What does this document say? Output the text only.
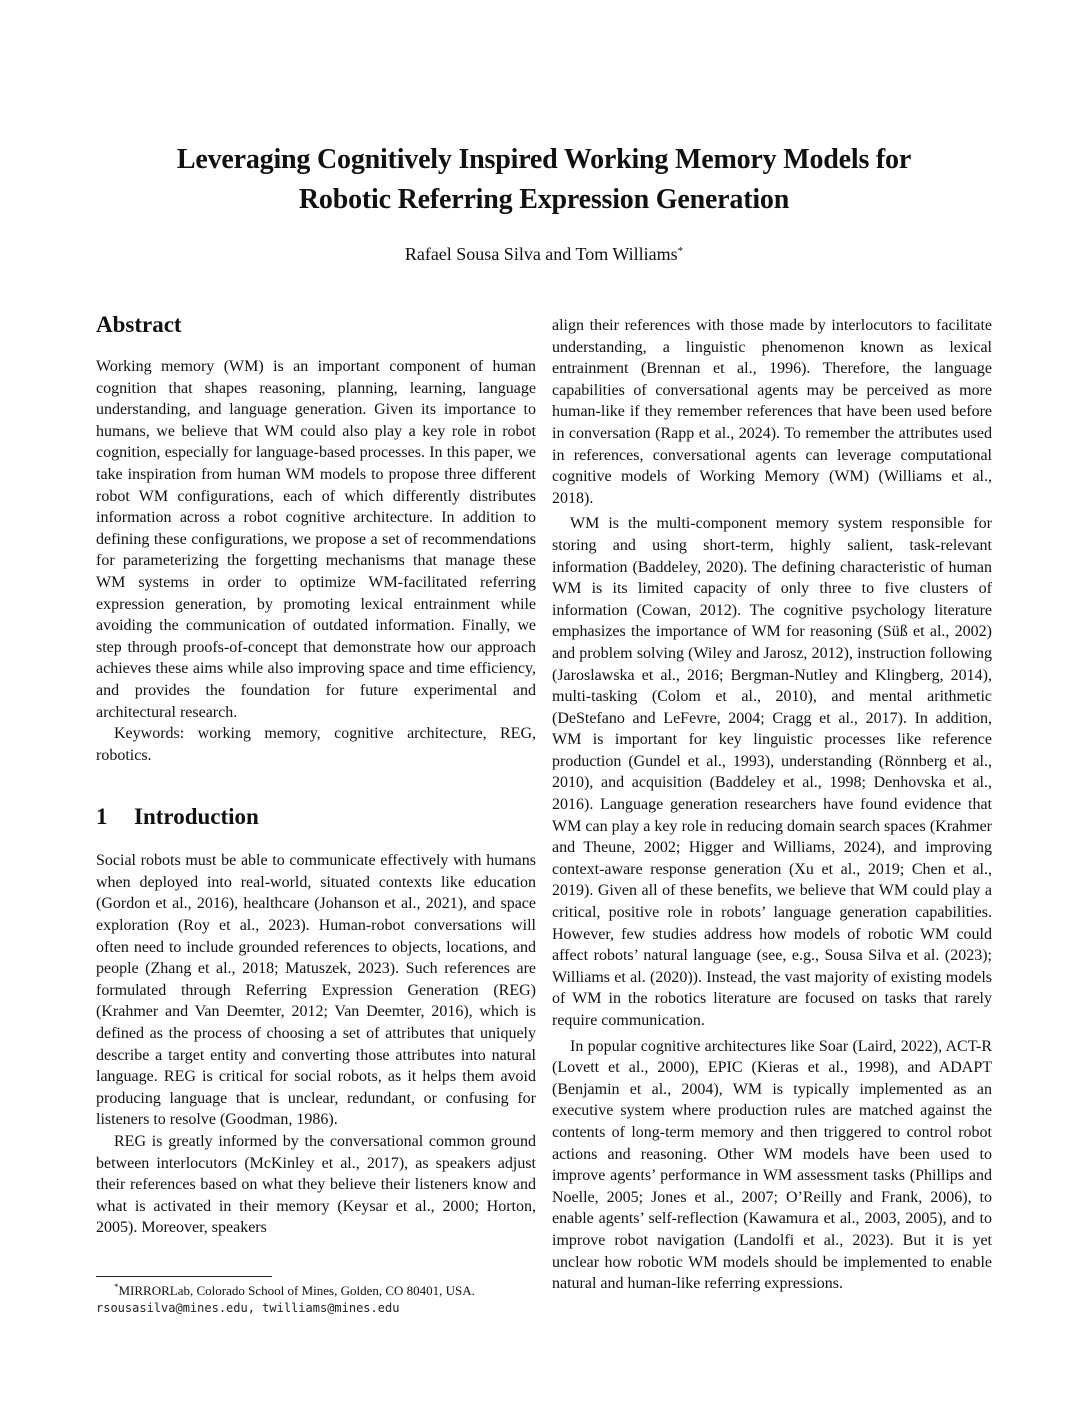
Leveraging Cognitively Inspired Working Memory Models for
Robotic Referring Expression Generation
Rafael Sousa Silva and Tom Williams*
Abstract

Working memory (WM) is an important component of human cognition that shapes reasoning, planning, learning, language understanding, and language generation. Given its importance to humans, we believe that WM could also play a key role in robot cognition, especially for language-based processes. In this paper, we take inspiration from human WM models to propose three different robot WM configurations, each of which differently distributes information across a robot cognitive architecture. In addition to defining these configurations, we propose a set of recommendations for parameterizing the forgetting mechanisms that manage these WM systems in order to optimize WM-facilitated referring expression generation, by promoting lexical entrainment while avoiding the communication of outdated information. Finally, we step through proofs-of-concept that demonstrate how our approach achieves these aims while also improving space and time efficiency, and provides the foundation for future experimental and architectural research.

Keywords: working memory, cognitive architecture, REG, robotics.

1 Introduction

Social robots must be able to communicate effectively with humans when deployed into real-world, situated contexts like education (Gordon et al., 2016), healthcare (Johanson et al., 2021), and space exploration (Roy et al., 2023). Human-robot conversations will often need to include grounded references to objects, locations, and people (Zhang et al., 2018; Matuszek, 2023). Such references are formulated through Referring Expression Generation (REG) (Krahmer and Van Deemter, 2012; Van Deemter, 2016), which is defined as the process of choosing a set of attributes that uniquely describe a target entity and converting those attributes into natural language. REG is critical for social robots, as it helps them avoid producing language that is unclear, redundant, or confusing for listeners to resolve (Goodman, 1986).

REG is greatly informed by the conversational common ground between interlocutors (McKinley et al., 2017), as speakers adjust their references based on what they believe their listeners know and what is activated in their memory (Keysar et al., 2000; Horton, 2005). Moreover, speakers

align their references with those made by interlocutors to facilitate understanding, a linguistic phenomenon known as lexical entrainment (Brennan et al., 1996). Therefore, the language capabilities of conversational agents may be perceived as more human-like if they remember references that have been used before in conversation (Rapp et al., 2024). To remember the attributes used in references, conversational agents can leverage computational cognitive models of Working Memory (WM) (Williams et al., 2018).

WM is the multi-component memory system responsible for storing and using short-term, highly salient, task-relevant information (Baddeley, 2020). The defining characteristic of human WM is its limited capacity of only three to five clusters of information (Cowan, 2012). The cognitive psychology literature emphasizes the importance of WM for reasoning (Süß et al., 2002) and problem solving (Wiley and Jarosz, 2012), instruction following (Jaroslawska et al., 2016; Bergman-Nutley and Klingberg, 2014), multi-tasking (Colom et al., 2010), and mental arithmetic (DeStefano and LeFevre, 2004; Cragg et al., 2017). In addition, WM is important for key linguistic processes like reference production (Gundel et al., 1993), understanding (Rönnberg et al., 2010), and acquisition (Baddeley et al., 1998; Denhovska et al., 2016). Language generation researchers have found evidence that WM can play a key role in reducing domain search spaces (Krahmer and Theune, 2002; Higger and Williams, 2024), and improving context-aware response generation (Xu et al., 2019; Chen et al., 2019). Given all of these benefits, we believe that WM could play a critical, positive role in robots’ language generation capabilities. However, few studies address how models of robotic WM could affect robots’ natural language (see, e.g., Sousa Silva et al. (2023); Williams et al. (2020)). Instead, the vast majority of existing models of WM in the robotics literature are focused on tasks that rarely require communication.

In popular cognitive architectures like Soar (Laird, 2022), ACT-R (Lovett et al., 2000), EPIC (Kieras et al., 1998), and ADAPT (Benjamin et al., 2004), WM is typically implemented as an executive system where production rules are matched against the contents of long-term memory and then triggered to control robot actions and reasoning. Other WM models have been used to improve agents’ performance in WM assessment tasks (Phillips and Noelle, 2005; Jones et al., 2007; O’Reilly and Frank, 2006), to enable agents’ self-reflection (Kawamura et al., 2003, 2005), and to improve robot navigation (Landolfi et al., 2023). But it is yet unclear how robotic WM models should be implemented to enable natural and human-like referring expressions.

*MIRRORLab, Colorado School of Mines, Golden, CO 80401, USA.
rsousasilva@mines.edu, twilliams@mines.edu
